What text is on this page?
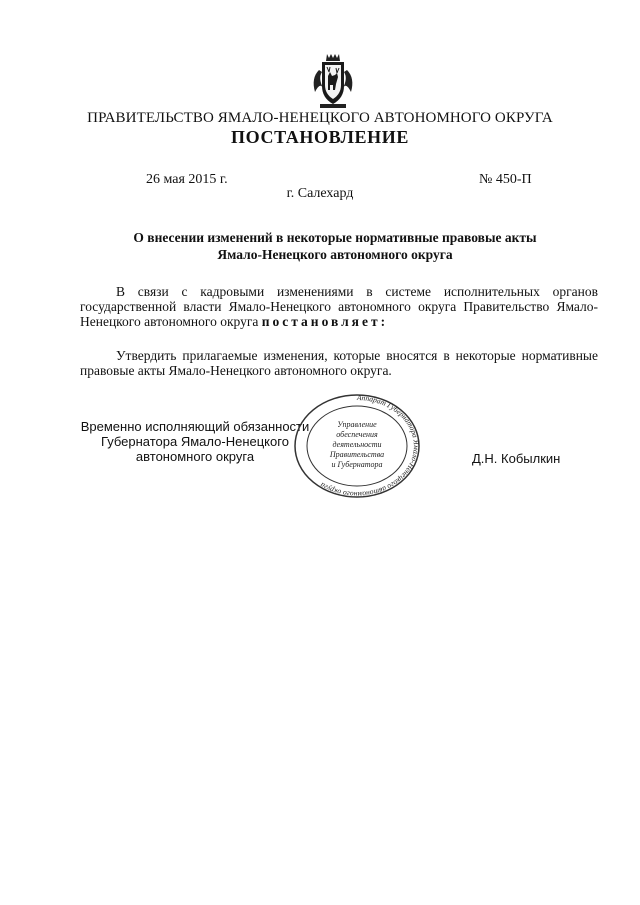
ПРАВИТЕЛЬСТВО ЯМАЛО-НЕНЕЦКОГО АВТОНОМНОГО ОКРУГА
ПОСТАНОВЛЕНИЕ
26 мая 2015 г.	№ 450-П
г. Салехард
О внесении изменений в некоторые нормативные правовые акты
Ямало-Ненецкого автономного округа
В связи с кадровыми изменениями в системе исполнительных органов государственной власти Ямало-Ненецкого автономного округа Правительство Ямало-Ненецкого автономного округа постановляет:
Утвердить прилагаемые изменения, которые вносятся в некоторые нормативные правовые акты Ямало-Ненецкого автономного округа.
Временно исполняющий обязанности
Губернатора Ямало-Ненецкого
автономного округа	Д.Н. Кобылкин
Аппарат Губернатора Ямало-Ненецкого автономного округа
Управление
обеспечения
деятельности
Правительства
и Губернатора
